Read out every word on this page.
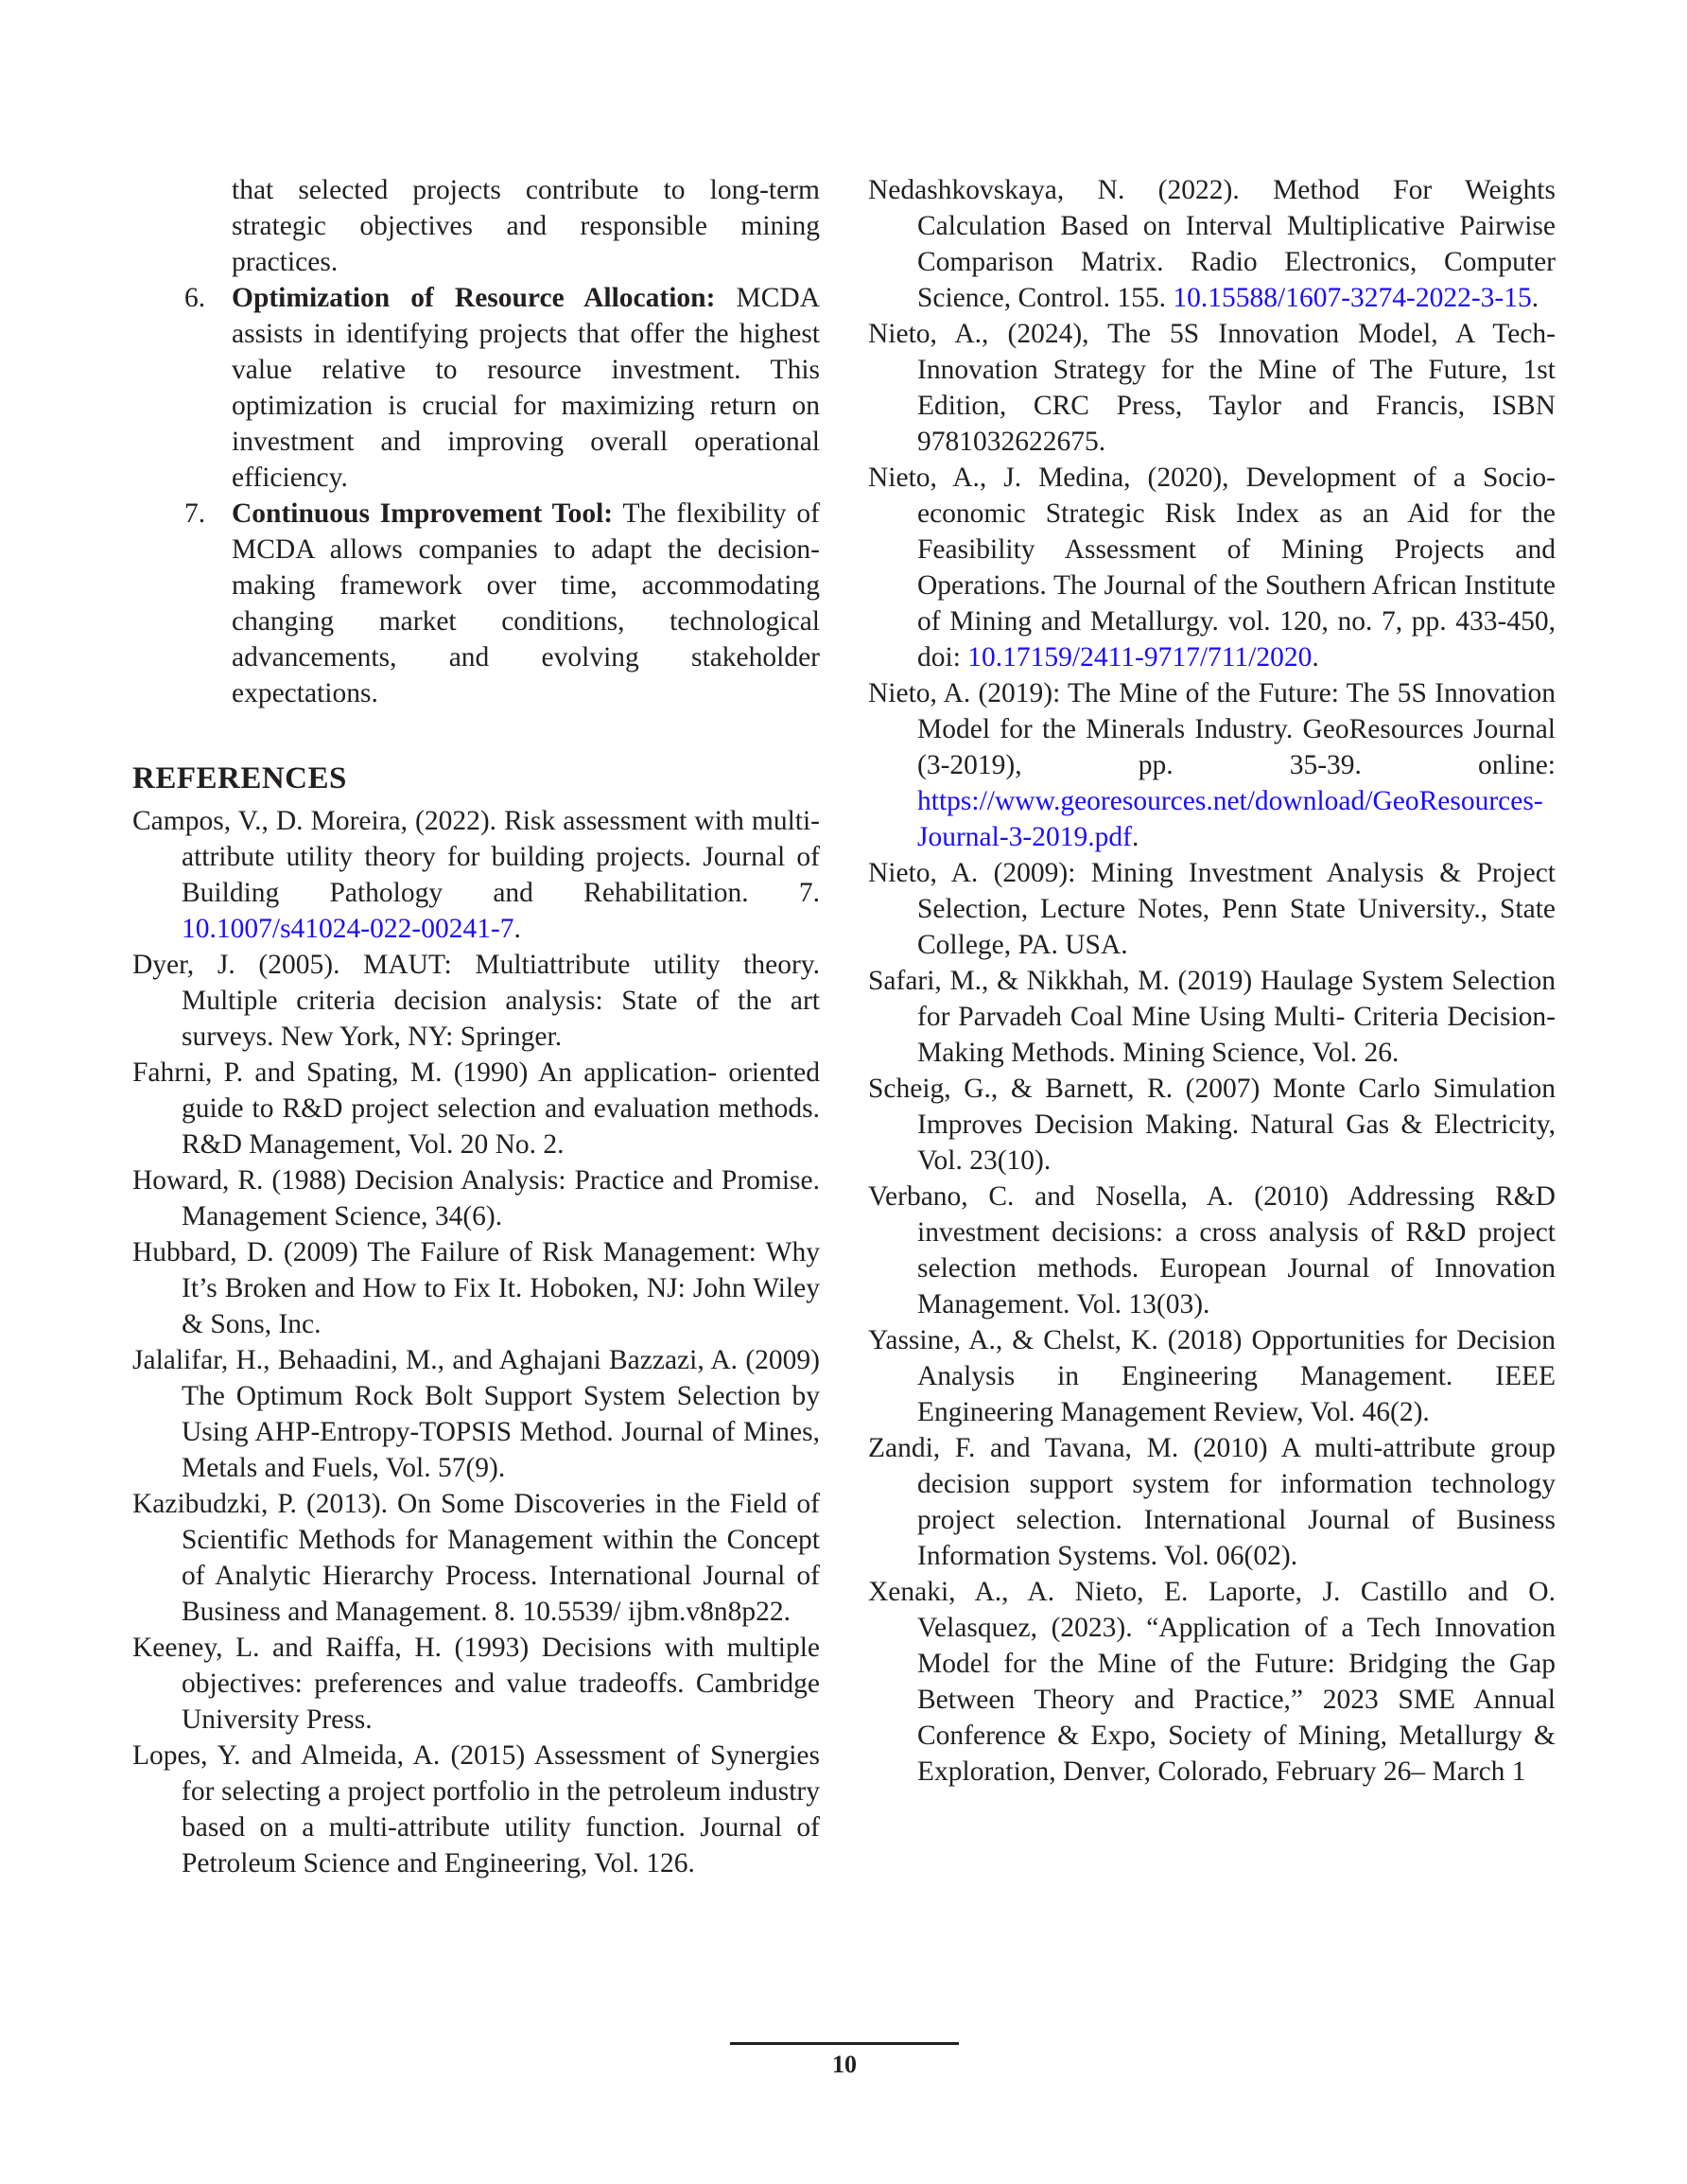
that selected projects contribute to long-term strategic objectives and responsible mining practices.

6. Optimization of Resource Allocation: MCDA assists in identifying projects that offer the highest value relative to resource investment. This optimization is crucial for maximizing return on investment and improving overall operational efficiency.
7. Continuous Improvement Tool: The flexibility of MCDA allows companies to adapt the decision-making framework over time, accommodating changing market conditions, technological advancements, and evolving stakeholder expectations.
REFERENCES

Campos, V., D. Moreira, (2022). Risk assessment with multi-attribute utility theory for building projects. Journal of Building Pathology and Rehabilitation. 7. 10.1007/s41024-022-00241-7.

Dyer, J. (2005). MAUT: Multiattribute utility theory. Multiple criteria decision analysis: State of the art surveys. New York, NY: Springer.

Fahrni, P. and Spating, M. (1990) An application- oriented guide to R&D project selection and evaluation methods. R&D Management, Vol. 20 No. 2.

Howard, R. (1988) Decision Analysis: Practice and Promise. Management Science, 34(6).

Hubbard, D. (2009) The Failure of Risk Management: Why It’s Broken and How to Fix It. Hoboken, NJ: John Wiley & Sons, Inc.

Jalalifar, H., Behaadini, M., and Aghajani Bazzazi, A. (2009) The Optimum Rock Bolt Support System Selection by Using AHP-Entropy-TOPSIS Method. Journal of Mines, Metals and Fuels, Vol. 57(9).

Kazibudzki, P. (2013). On Some Discoveries in the Field of Scientific Methods for Management within the Concept of Analytic Hierarchy Process. International Journal of Business and Management. 8. 10.5539/ ijbm.v8n8p22.

Keeney, L. and Raiffa, H. (1993) Decisions with multiple objectives: preferences and value tradeoffs. Cambridge University Press.

Lopes, Y. and Almeida, A. (2015) Assessment of Synergies for selecting a project portfolio in the petroleum industry based on a multi-attribute utility function. Journal of Petroleum Science and Engineering, Vol. 126.

Nedashkovskaya, N. (2022). Method For Weights Calculation Based on Interval Multiplicative Pairwise Comparison Matrix. Radio Electronics, Computer Science, Control. 155. 10.15588/1607-3274-2022-3-15.

Nieto, A., (2024), The 5S Innovation Model, A Tech-Innovation Strategy for the Mine of The Future, 1st Edition, CRC Press, Taylor and Francis, ISBN 9781032622675.

Nieto, A., J. Medina, (2020), Development of a Socio-economic Strategic Risk Index as an Aid for the Feasibility Assessment of Mining Projects and Operations. The Journal of the Southern African Institute of Mining and Metallurgy. vol. 120, no. 7, pp. 433-450, doi: 10.17159/2411-9717/711/2020.

Nieto, A. (2019): The Mine of the Future: The 5S Innovation Model for the Minerals Industry. GeoResources Journal (3-2019), pp. 35-39. online: https://www.georesources.net/download/GeoResources-Journal-3-2019.pdf.

Nieto, A. (2009): Mining Investment Analysis & Project Selection, Lecture Notes, Penn State University., State College, PA. USA.

Safari, M., & Nikkhah, M. (2019) Haulage System Selection for Parvadeh Coal Mine Using Multi- Criteria Decision-Making Methods. Mining Science, Vol. 26.

Scheig, G., & Barnett, R. (2007) Monte Carlo Simulation Improves Decision Making. Natural Gas & Electricity, Vol. 23(10).

Verbano, C. and Nosella, A. (2010) Addressing R&D investment decisions: a cross analysis of R&D project selection methods. European Journal of Innovation Management. Vol. 13(03).

Yassine, A., & Chelst, K. (2018) Opportunities for Decision Analysis in Engineering Management. IEEE Engineering Management Review, Vol. 46(2).

Zandi, F. and Tavana, M. (2010) A multi-attribute group decision support system for information technology project selection. International Journal of Business Information Systems. Vol. 06(02).

Xenaki, A., A. Nieto, E. Laporte, J. Castillo and O. Velasquez, (2023). “Application of a Tech Innovation Model for the Mine of the Future: Bridging the Gap Between Theory and Practice,” 2023 SME Annual Conference & Expo, Society of Mining, Metallurgy & Exploration, Denver, Colorado, February 26– March 1

10
